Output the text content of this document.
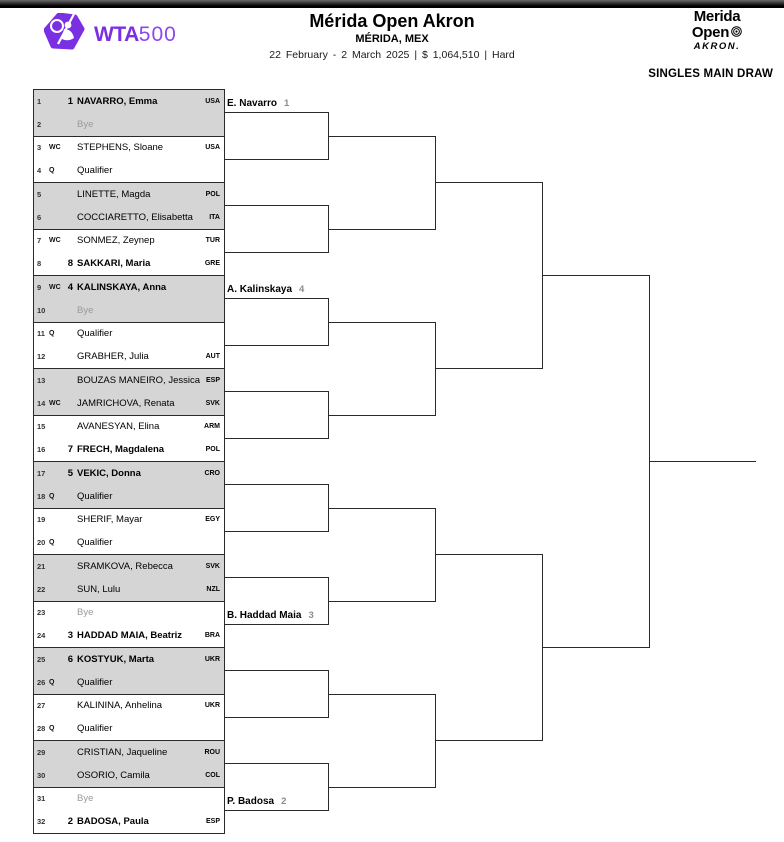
WTA 500
Mérida Open Akron
MÉRIDA, MEX
22 February - 2 March 2025 | $ 1,064,510 | Hard
Merida
Open
AKRON.
SINGLES MAIN DRAW
1	1 NAVARRO, Emma	USA
2	Bye
3	WC	STEPHENS, Sloane	USA
4	Q	Qualifier
5	LINETTE, Magda	POL
6	COCCIARETTO, Elisabetta	ITA
7	WC	SONMEZ, Zeynep	TUR
8	8 SAKKARI, Maria	GRE
9	WC 4 KALINSKAYA, Anna
10	Bye
11 Q	Qualifier
12	GRABHER, Julia	AUT
13	BOUZAS MANEIRO, Jessica ESP
14 WC	JAMRICHOVA, Renata	SVK
15	AVANESYAN, Elina	ARM
16	7 FRECH, Magdalena	POL
17	5 VEKIC, Donna	CRO
18 Q	Qualifier
19	SHERIF, Mayar	EGY
20 Q	Qualifier
21	SRAMKOVA, Rebecca	SVK
22	SUN, Lulu	NZL
23	Bye
24	3 HADDAD MAIA, Beatriz	BRA
25	6 KOSTYUK, Marta	UKR
26 Q	Qualifier
27	KALININA, Anhelina	UKR
28 Q	Qualifier
29	CRISTIAN, Jaqueline	ROU
30	OSORIO, Camila	COL
31	Bye
32	2 BADOSA, Paula	ESP
E. Navarro 1
A. Kalinskaya 4
B. Haddad Maia 3
P. Badosa 2
